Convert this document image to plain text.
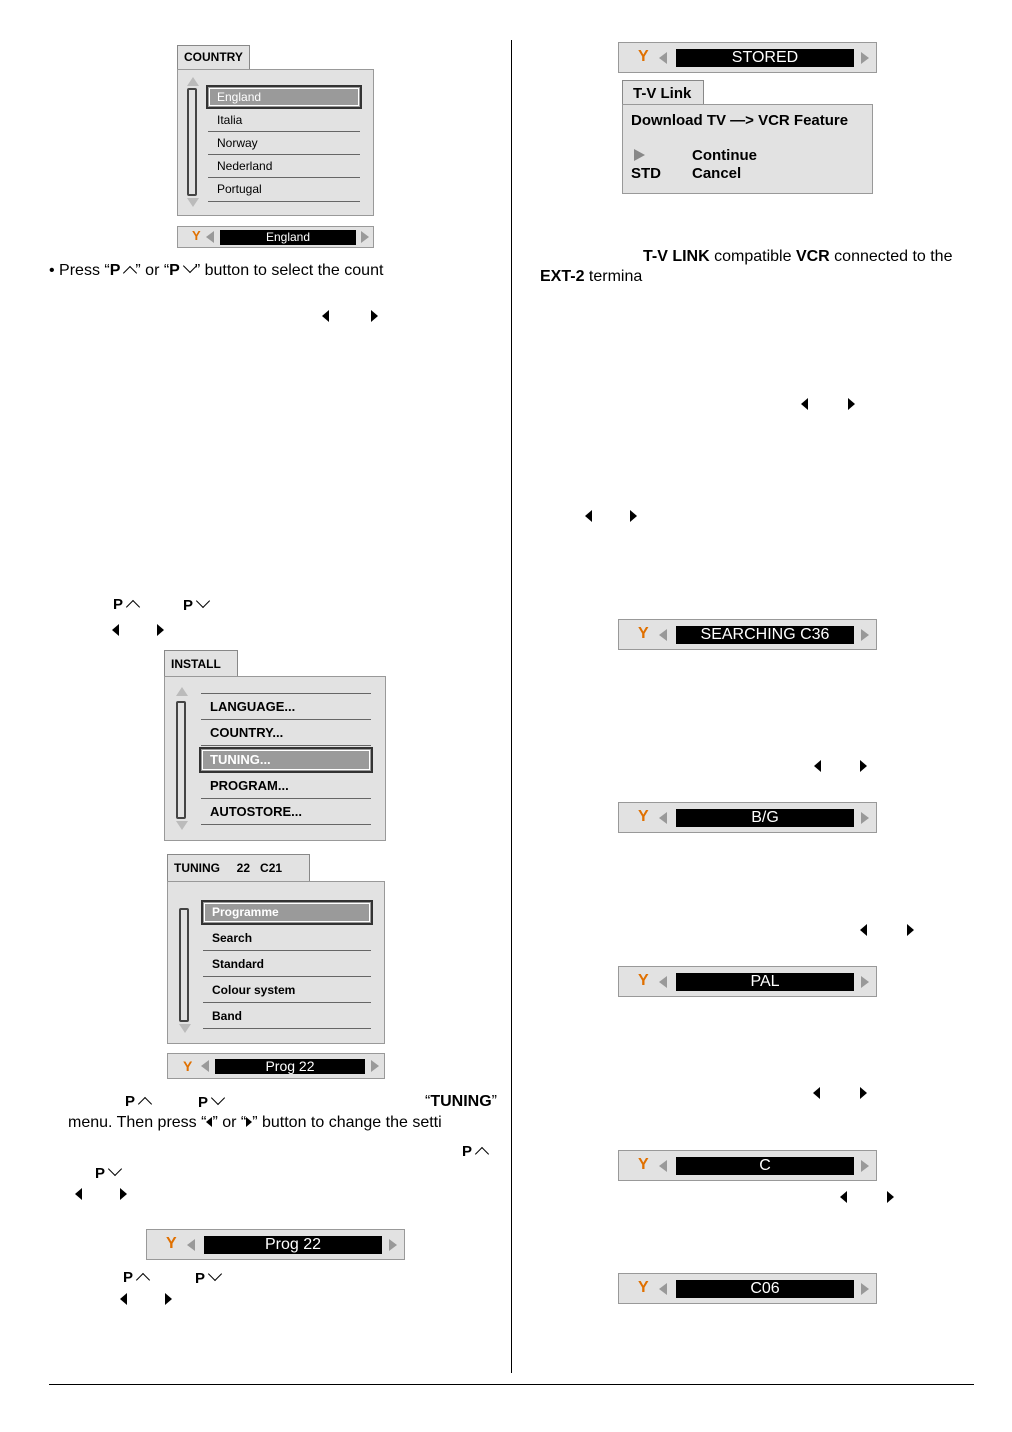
COUNTRY
England
Italia
Norway
Nederland
Portugal
Y	England
• Press “P ” or “P ” button to select the count
P	P
INSTALL
LANGUAGE...
COUNTRY...
TUNING...
PROGRAM...
AUTOSTORE...
TUNING 22 C21
Programme
Search
Standard
Colour system
Band
Y	Prog 22
P	P	“TUNING”
menu. Then press “ ” or “ ” button to change the setti
P
P
Y	Prog 22
P	P
Y	STORED
T-V Link
Download TV —> VCR Feature
Continue
STD Cancel
T-V LINK compatible VCR connected to the
EXT-2 termina
Y	SEARCHING C36
Y	B/G
Y	PAL
Y	C
Y	C06
